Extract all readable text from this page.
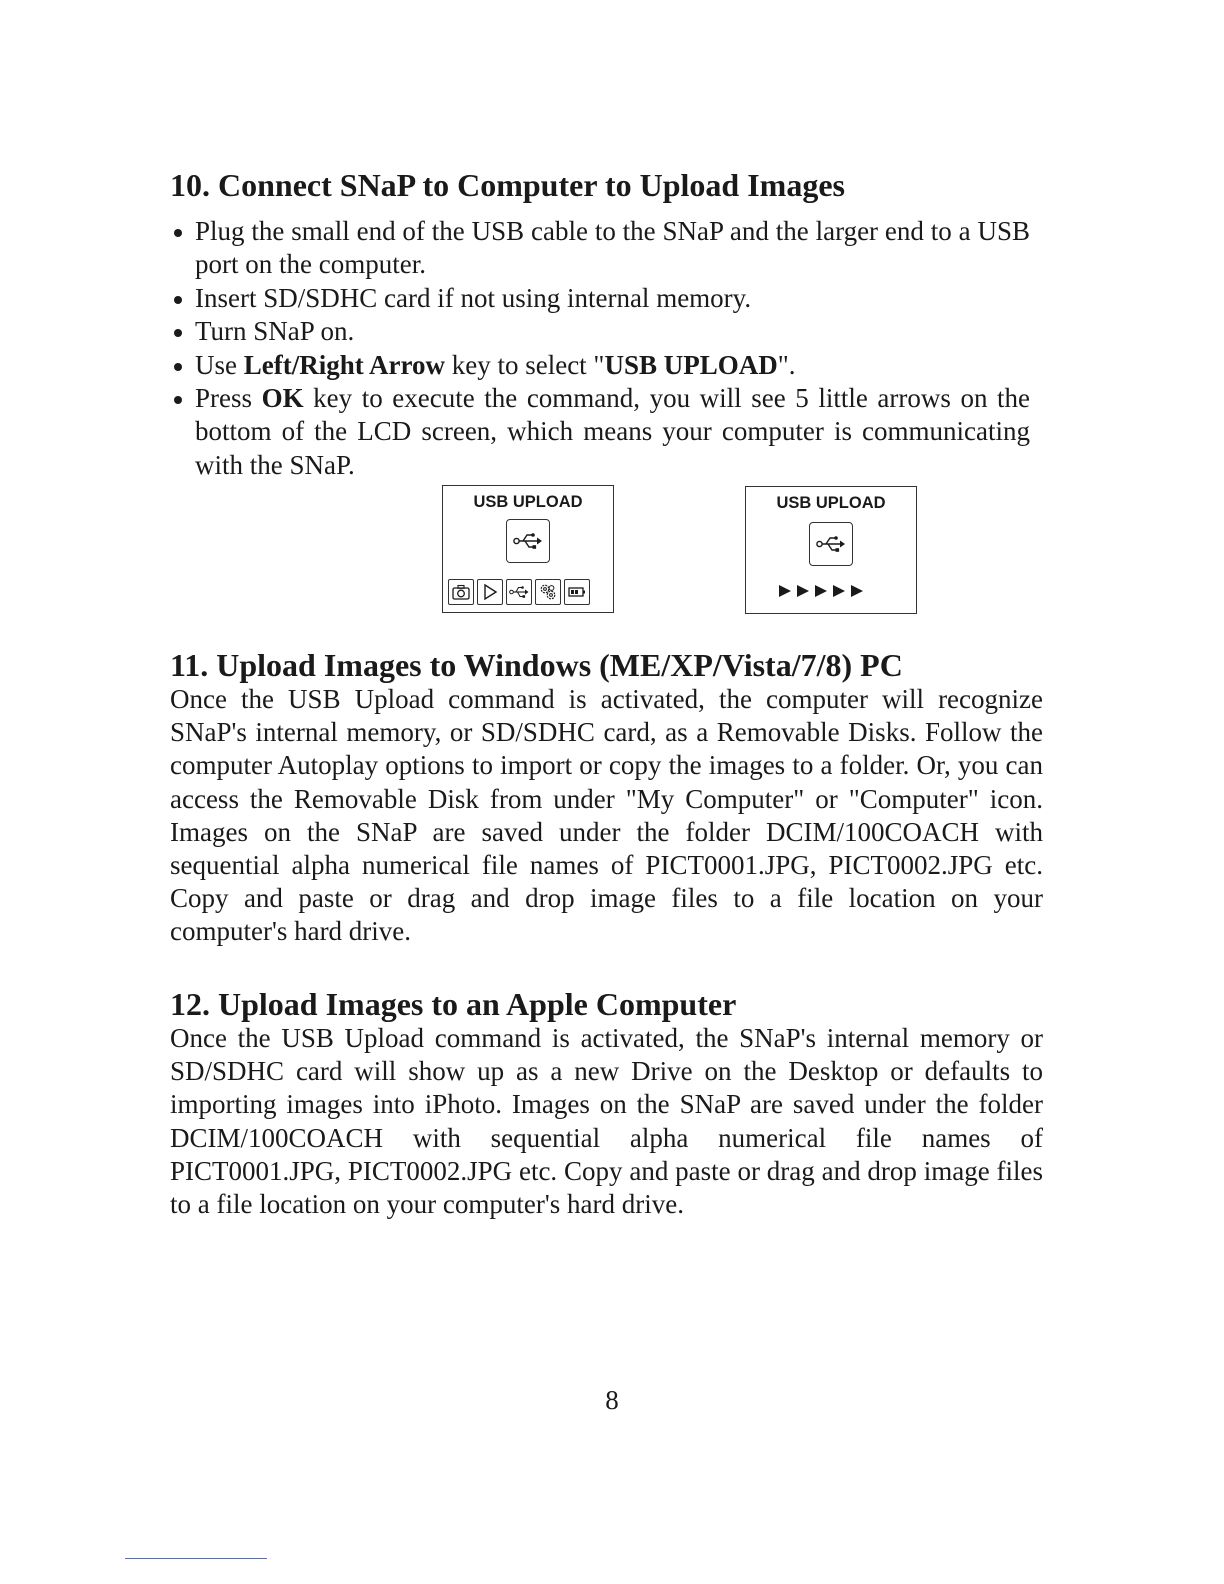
10. Connect SNaP to Computer to Upload Images
Plug the small end of the USB cable to the SNaP and the larger end to a USB port on the computer.
Insert SD/SDHC card if not using internal memory.
Turn SNaP on.
Use Left/Right Arrow key to select "USB UPLOAD".
Press OK key to execute the command, you will see 5 little arrows on the bottom of the LCD screen, which means your computer is communicating with the SNaP.
11. Upload Images to Windows (ME/XP/Vista/7/8) PC

Once the USB Upload command is activated, the computer will recognize SNaP's internal memory, or SD/SDHC card, as a Removable Disks. Follow the computer Autoplay options to import or copy the images to a folder. Or, you can access the Removable Disk from under "My Computer" or "Computer" icon. Images on the SNaP are saved under the folder DCIM/100COACH with sequential alpha numerical file names of PICT0001.JPG, PICT0002.JPG etc. Copy and paste or drag and drop image files to a file location on your computer's hard drive.

12. Upload Images to an Apple Computer

Once the USB Upload command is activated, the SNaP's internal memory or SD/SDHC card will show up as a new Drive on the Desktop or defaults to importing images into iPhoto. Images on the SNaP are saved under the folder DCIM/100COACH with sequential alpha numerical file names of PICT0001.JPG, PICT0002.JPG etc. Copy and paste or drag and drop image files to a file location on your computer's hard drive.

USB UPLOAD	USB UPLOAD
8
